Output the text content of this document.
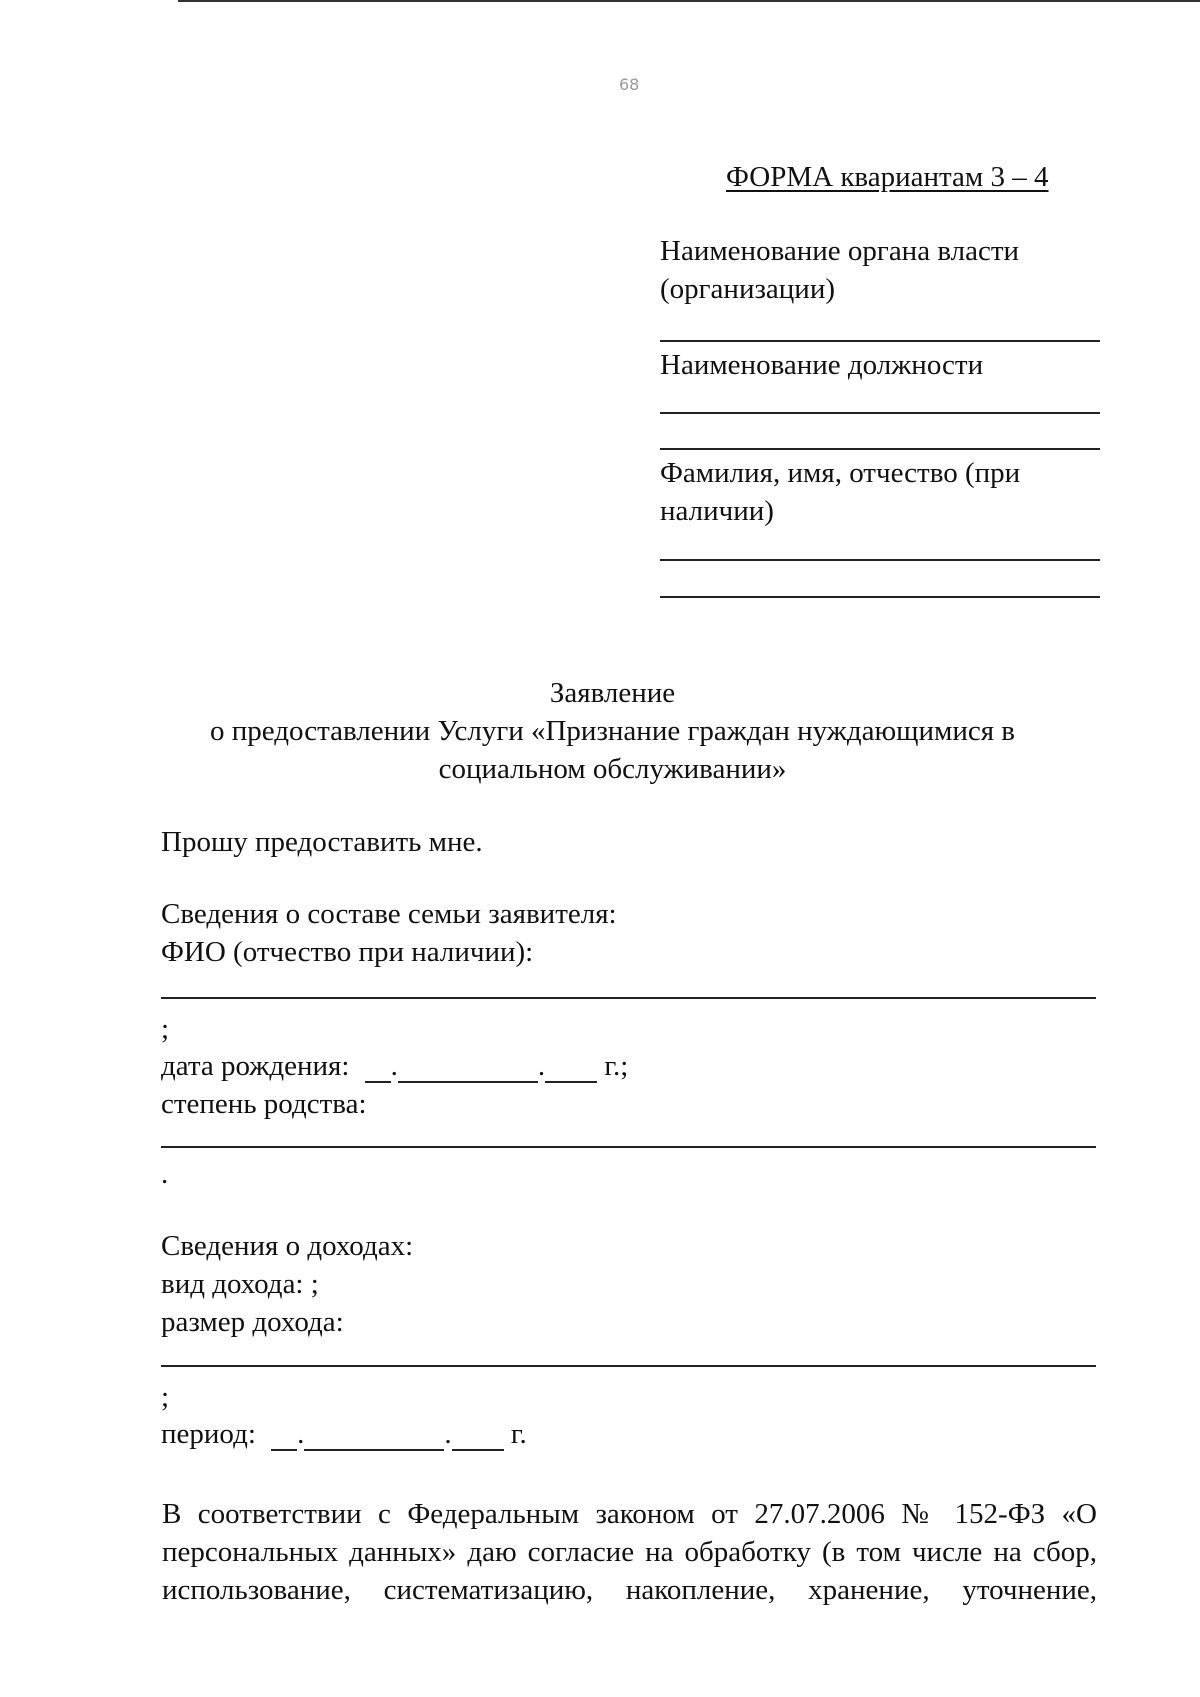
68
ФОРМА квариантам 3 – 4
Наименование органа власти
(организации)
Наименование должности
Фамилия, имя, отчество (при
наличии)
Заявление
о предоставлении Услуги «Признание граждан нуждающимися в
социальном обслуживании»
Прошу предоставить мне.
Сведения о составе семьи заявителя:
ФИО (отчество при наличии):
;
дата рождения: .	. г.;
степень родства:
.
Сведения о доходах:
вид дохода: ;
размер дохода:
;
период: .	. г.
В соответствии с Федеральным законом от 27.07.2006 № 152-ФЗ «О
персональных данных» даю согласие на обработку (в том числе на сбор,
использование, систематизацию, накопление, хранение, уточнение,
